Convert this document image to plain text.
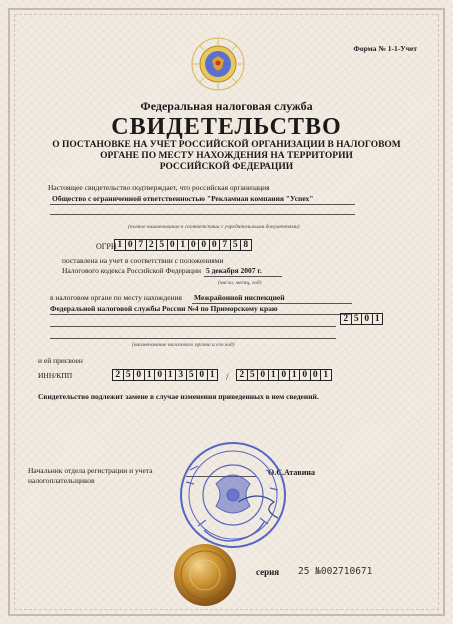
Форма № 1-1-Учет
Федеральная налоговая служба
СВИДЕТЕЛЬСТВО
О ПОСТАНОВКЕ НА УЧЕТ РОССИЙСКОЙ ОРГАНИЗАЦИИ В НАЛОГОВОМ
ОРГАНЕ ПО МЕСТУ НАХОЖДЕНИЯ НА ТЕРРИТОРИИ
РОССИЙСКОЙ ФЕДЕРАЦИИ
Настоящее свидетельство подтверждает, что российская организация
Общество с ограниченной ответственностью "Рекламная компания "Успех"
(полное наименование в соответствии с учредительными документами)
ОГРН 1 0 7 2 5 0 1 0 0 0 7 5 8
поставлена на учет в соответствии с положениями
Налогового кодекса Российской Федерации 5 декабря 2007 г.
(число, месяц, год)
в налоговом органе по месту нахождения Межрайонной инспекцией
Федеральной налоговой службы России №4 по Приморскому краю
2 5 0 1
(наименование налогового органа и его код)
и ей присвоен
ИНН/КПП	2 5 0 1 0 1 3 5 0 1	/	2 5 0 1 0 1 0 0 1
Свидетельство подлежит замене в случае изменения приведенных в нем сведений.
Начальник отдела регистрации и учета
налогоплательщиков
О.С.Атавина
серия 25 №002710671
